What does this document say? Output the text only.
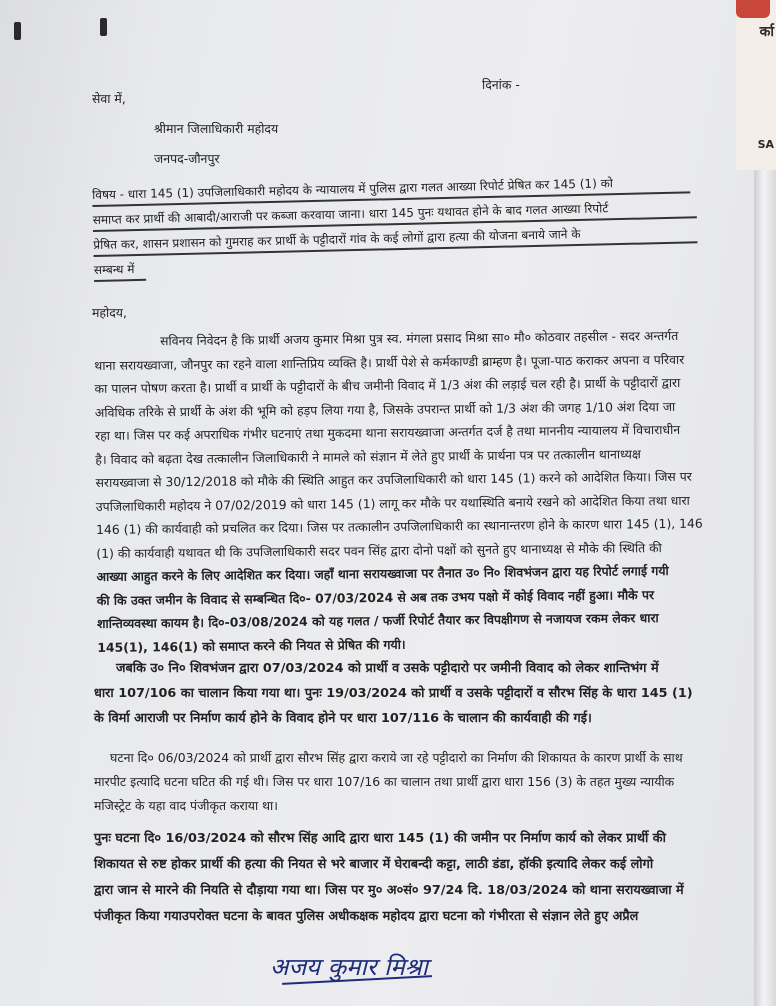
दिनांक -
सेवा में,
श्रीमान जिलाधिकारी महोदय
जनपद-जौनपुर
विषय - धारा 145 (1) उपजिलाधिकारी महोदय के न्यायालय में पुलिस द्वारा गलत आख्या रिपोर्ट प्रेषित कर 145 (1) को
समाप्त कर प्रार्थी की आबादी/आराजी पर कब्जा करवाया जाना। धारा 145 पुनः यथावत होने के बाद गलत आख्या रिपोर्ट
प्रेषित कर, शासन प्रशासन को गुमराह कर प्रार्थी के पट्टीदारों गांव के कई लोगों द्वारा हत्या की योजना बनाये जाने के
सम्बन्ध में
महोदय,
सविनय निवेदन है कि प्रार्थी अजय कुमार मिश्रा पुत्र स्व. मंगला प्रसाद मिश्रा सा० मौ० कोठवार तहसील - सदर अन्तर्गत
थाना सरायख्वाजा, जौनपुर का रहने वाला शान्तिप्रिय व्यक्ति है। प्रार्थी पेशे से कर्मकाण्डी ब्राम्हण है। पूजा-पाठ कराकर अपना व परिवार
का पालन पोषण करता है। प्रार्थी व प्रार्थी के पट्टीदारों के बीच जमीनी विवाद में 1/3 अंश की लड़ाई चल रही है। प्रार्थी के पट्टीदारों द्वारा
अविधिक तरिके से प्रार्थी के अंश की भूमि को हड़प लिया गया है, जिसके उपरान्त प्रार्थी को 1/3 अंश की जगह 1/10 अंश दिया जा
रहा था। जिस पर कई अपराधिक गंभीर घटनाएं तथा मुकदमा थाना सरायख्वाजा अन्तर्गत दर्ज है तथा माननीय न्यायालय में विचाराधीन
है। विवाद को बढ़ता देख तत्कालीन जिलाधिकारी ने मामले को संज्ञान में लेते हुए प्रार्थी के प्रार्थना पत्र पर तत्कालीन थानाध्यक्ष
सरायख्वाजा से 30/12/2018 को मौके की स्थिति आहुत कर उपजिलाधिकारी को धारा 145 (1) करने को आदेशित किया। जिस पर
उपजिलाधिकारी महोदय ने 07/02/2019 को धारा 145 (1) लागू कर मौके पर यथास्थिति बनाये रखने को आदेशित किया तथा धारा
146 (1) की कार्यवाही को प्रचलित कर दिया। जिस पर तत्कालीन उपजिलाधिकारी का स्थानान्तरण होने के कारण धारा 145 (1), 146
(1) की कार्यवाही यथावत थी कि उपजिलाधिकारी सदर पवन सिंह द्वारा दोनो पक्षों को सुनते हुए थानाध्यक्ष से मौके की स्थिति की
आख्या आहुत करने के लिए आदेशित कर दिया। जहाँ थाना सरायख्वाजा पर तैनात उ० नि० शिवभंजन द्वारा यह रिपोर्ट लगाई गयी
की कि उक्त जमीन के विवाद से सम्बन्धित दि०- 07/03/2024 से अब तक उभय पक्षो में कोई विवाद नहीं हुआ। मौके पर
शान्तिव्यवस्था कायम है। दि०-03/08/2024 को यह गलत / फर्जी रिपोर्ट तैयार कर विपक्षीगण से नजायज रकम लेकर धारा
145(1), 146(1) को समाप्त करने की नियत से प्रेषित की गयी।
जबकि उ० नि० शिवभंजन द्वारा 07/03/2024 को प्रार्थी व उसके पट्टीदारो पर जमीनी विवाद को लेकर शान्तिभंग में
धारा 107/106 का चालान किया गया था। पुनः 19/03/2024 को प्रार्थी व उसके पट्टीदारों व सौरभ सिंह के धारा 145 (1)
के विर्मा आराजी पर निर्माण कार्य होने के विवाद होने पर धारा 107/116 के चालान की कार्यवाही की गई।
घटना दि० 06/03/2024 को प्रार्थी द्वारा सौरभ सिंह द्वारा कराये जा रहे पट्टीदारो का निर्माण की शिकायत के कारण प्रार्थी के साथ
मारपीट इत्यादि घटना घटित की गई थी। जिस पर धारा 107/16 का चालान तथा प्रार्थी द्वारा धारा 156 (3) के तहत मुख्य न्यायीक
मजिस्ट्रेट के यहा वाद पंजीकृत कराया था।
पुनः घटना दि० 16/03/2024 को सौरभ सिंह आदि द्वारा धारा 145 (1) की जमीन पर निर्माण कार्य को लेकर प्रार्थी की
शिकायत से रुष्ट होकर प्रार्थी की हत्या की नियत से भरे बाजार में घेराबन्दी कट्टा, लाठी डंडा, हॉकी इत्यादि लेकर कई लोगो
द्वारा जान से मारने की नियति से दौड़ाया गया था। जिस पर मु० अ०सं० 97/24 दि. 18/03/2024 को थाना सरायख्वाजा में
पंजीकृत किया गयाउपरोक्त घटना के बावत पुलिस अधीकक्षक महोदय द्वारा घटना को गंभीरता से संज्ञान लेते हुए अप्रैल
अजय कुमार मिश्रा
र्का
SA
